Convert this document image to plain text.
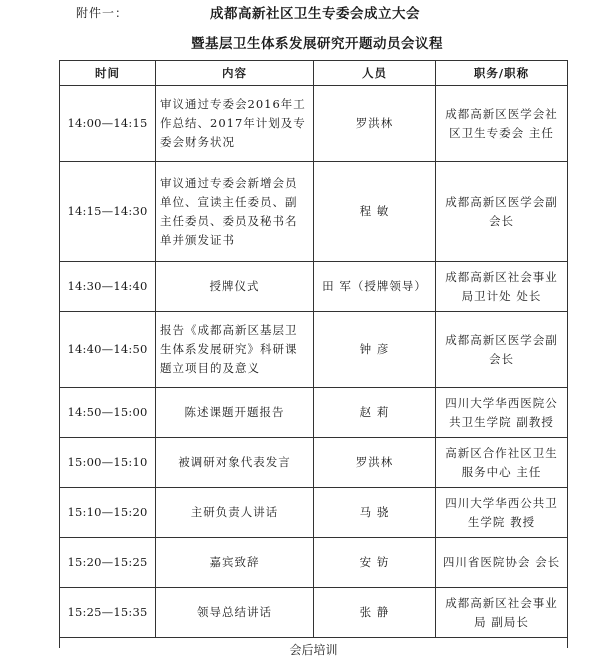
附件一：	成都高新社区卫生专委会成立大会
暨基层卫生体系发展研究开题动员会议程
时间	内容	人员	职务/职称
14:00—14:15	审议通过专委会2016年工作总结、2017年计划及专委会财务状况	罗洪林	成都高新区医学会社区卫生专委会 主任
14:15—14:30	审议通过专委会新增会员单位、宣读主任委员、副主任委员、委员及秘书名单并颁发证书	程 敏	成都高新区医学会副会长
14:30—14:40	授牌仪式	田 军（授牌领导）	成都高新区社会事业局卫计处 处长
14:40—14:50	报告《成都高新区基层卫生体系发展研究》科研课题立项目的及意义	钟 彦	成都高新区医学会副会长
14:50—15:00	陈述课题开题报告	赵 莉	四川大学华西医院公共卫生学院 副教授
15:00—15:10	被调研对象代表发言	罗洪林	高新区合作社区卫生服务中心 主任
15:10—15:20	主研负责人讲话	马 骁	四川大学华西公共卫生学院 教授
15:20—15:25	嘉宾致辞	安 钫	四川省医院协会 会长
15:25—15:35	领导总结讲话	张 静	成都高新区社会事业局 副局长

会后培训			
